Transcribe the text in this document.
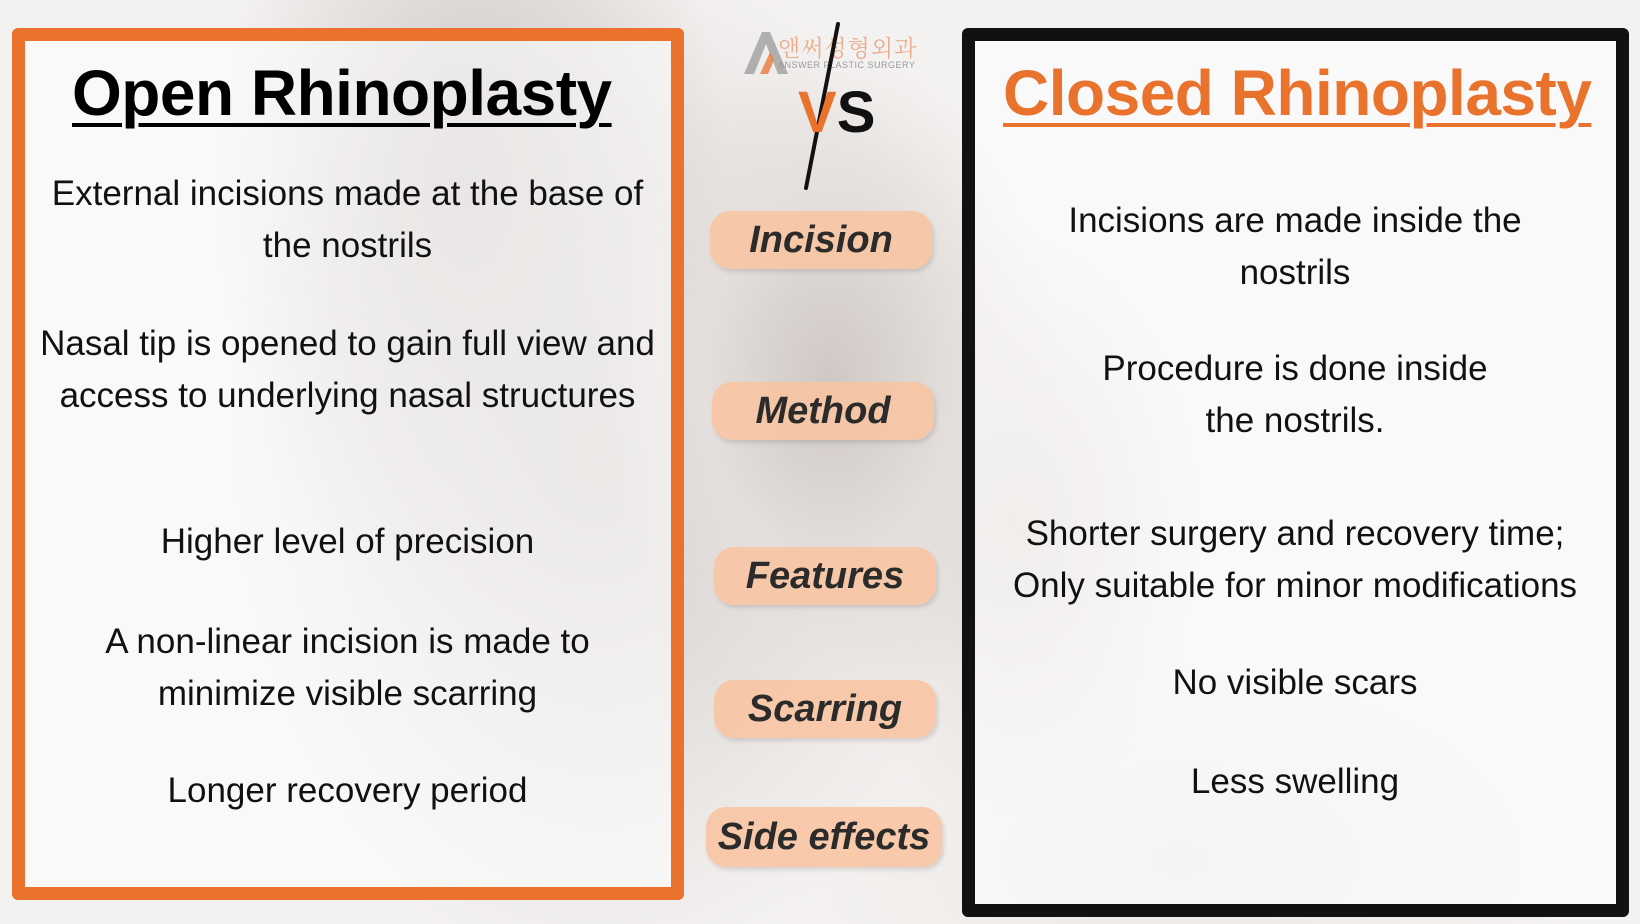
Open Rhinoplasty	Closed Rhinoplasty
External incisions made at the base of the nostrils
Nasal tip is opened to gain full view and access to underlying nasal structures
Higher level of precision
A non-linear incision is made to minimize visible scarring
Longer recovery period
Incisions are made inside the nostrils
Procedure is done inside the nostrils.
Shorter surgery and recovery time; Only suitable for minor modifications
No visible scars
Less swelling
Incision
Method
Features
Scarring
Side effects
앤써성형외과
ANSWER PLASTIC SURGERY
VS
